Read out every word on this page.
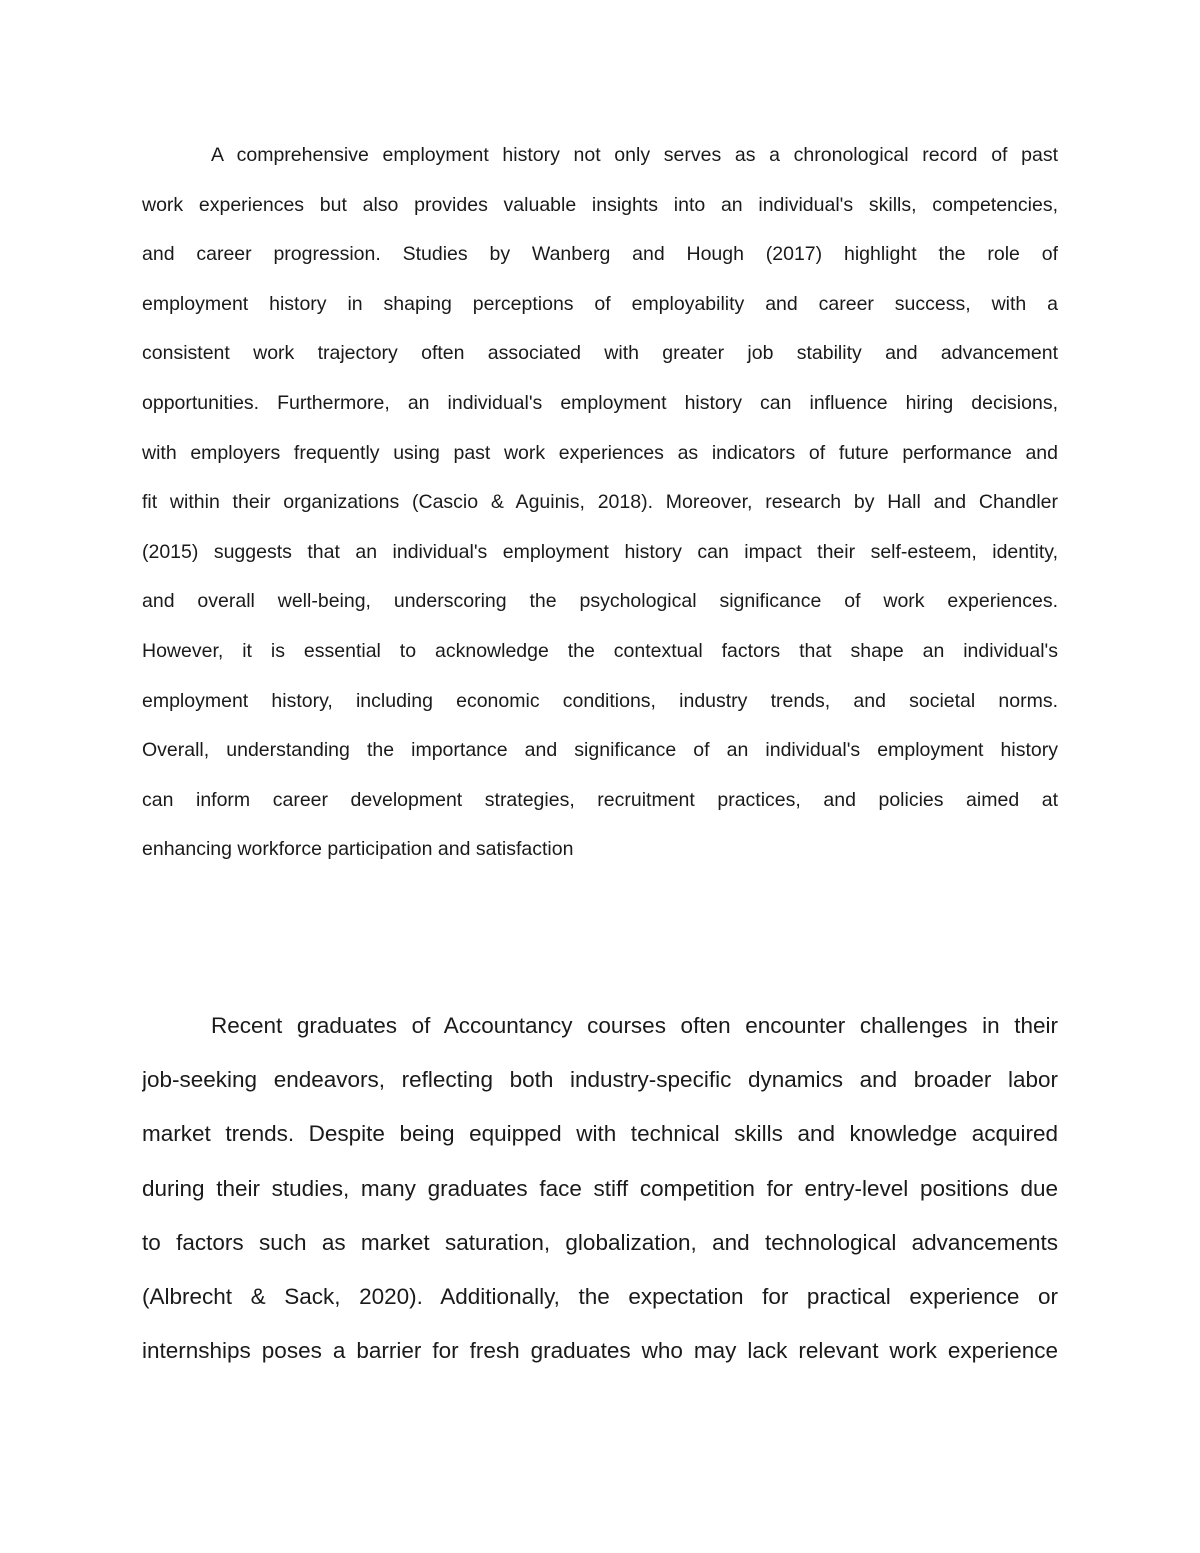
A comprehensive employment history not only serves as a chronological record of past
work experiences but also provides valuable insights into an individual's skills, competencies,
and career progression. Studies by Wanberg and Hough (2017) highlight the role of
employment history in shaping perceptions of employability and career success, with a
consistent work trajectory often associated with greater job stability and advancement
opportunities. Furthermore, an individual's employment history can influence hiring decisions,
with employers frequently using past work experiences as indicators of future performance and
fit within their organizations (Cascio & Aguinis, 2018). Moreover, research by Hall and Chandler
(2015) suggests that an individual's employment history can impact their self-esteem, identity,
and overall well-being, underscoring the psychological significance of work experiences.
However, it is essential to acknowledge the contextual factors that shape an individual's
employment history, including economic conditions, industry trends, and societal norms.
Overall, understanding the importance and significance of an individual's employment history
can inform career development strategies, recruitment practices, and policies aimed at
enhancing workforce participation and satisfaction
Recent graduates of Accountancy courses often encounter challenges in their
job-seeking endeavors, reflecting both industry-specific dynamics and broader labor
market trends. Despite being equipped with technical skills and knowledge acquired
during their studies, many graduates face stiff competition for entry-level positions due
to factors such as market saturation, globalization, and technological advancements
(Albrecht & Sack, 2020). Additionally, the expectation for practical experience or
internships poses a barrier for fresh graduates who may lack relevant work experience
